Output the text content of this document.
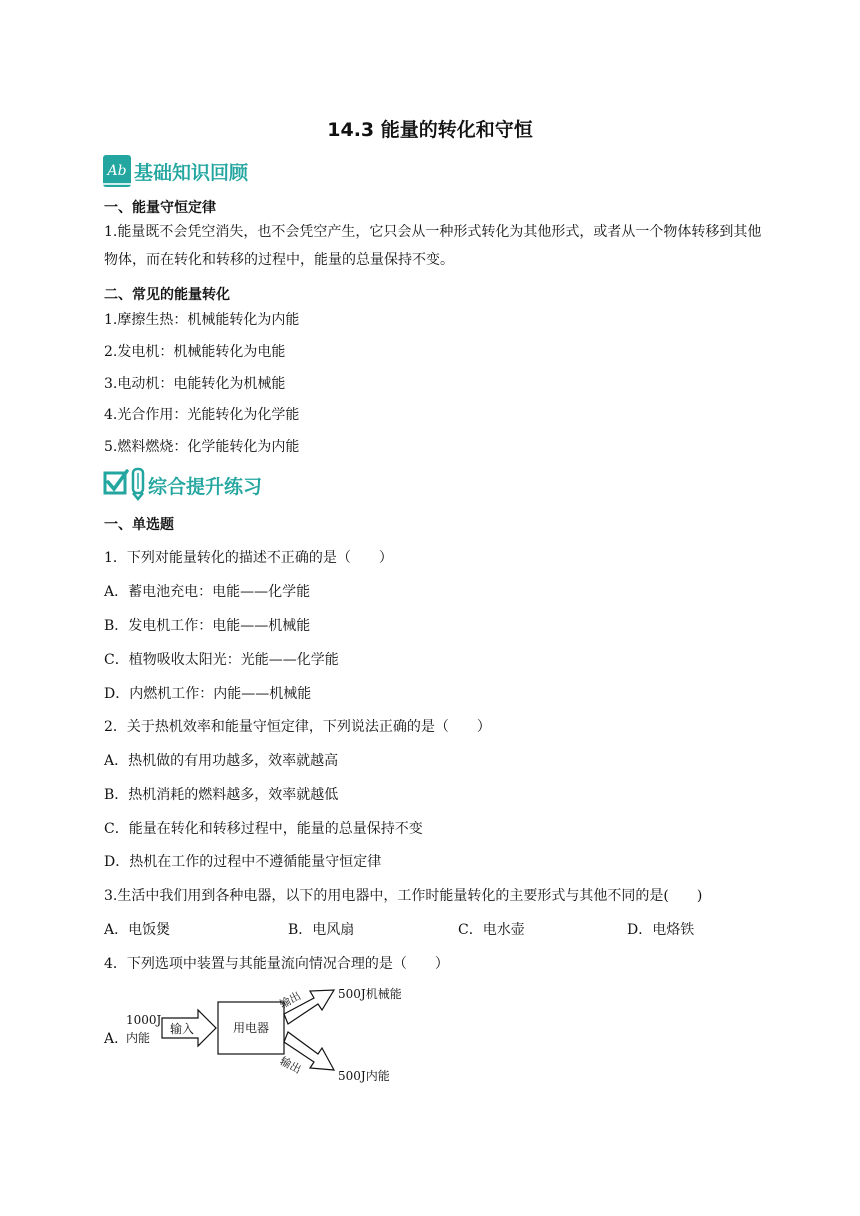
14.3 能量的转化和守恒
Ab 基础知识回顾
一、能量守恒定律
1.能量既不会凭空消失，也不会凭空产生，它只会从一种形式转化为其他形式，或者从一个物体转移到其他物体，而在转化和转移的过程中，能量的总量保持不变。
二、常见的能量转化
1.摩擦生热：机械能转化为内能
2.发电机：机械能转化为电能
3.电动机：电能转化为机械能
4.光合作用：光能转化为化学能
5.燃料燃烧：化学能转化为内能
综合提升练习
一、单选题
1．下列对能量转化的描述不正确的是（　　）
A．蓄电池充电：电能——化学能
B．发电机工作：电能——机械能
C．植物吸收太阳光：光能——化学能
D．内燃机工作：内能——机械能
2．关于热机效率和能量守恒定律，下列说法正确的是（　　）
A．热机做的有用功越多，效率就越高
B．热机消耗的燃料越多，效率就越低
C．能量在转化和转移过程中，能量的总量保持不变
D．热机在工作的过程中不遵循能量守恒定律
3.生活中我们用到各种电器，以下的用电器中，工作时能量转化的主要形式与其他不同的是(　　)
A．电饭煲	B．电风扇	C．电水壶	D．电烙铁
4．下列选项中装置与其能量流向情况合理的是（　　）
A．
1000J
内能
输入	用电器
输出	500J机械能
输出	500J内能
